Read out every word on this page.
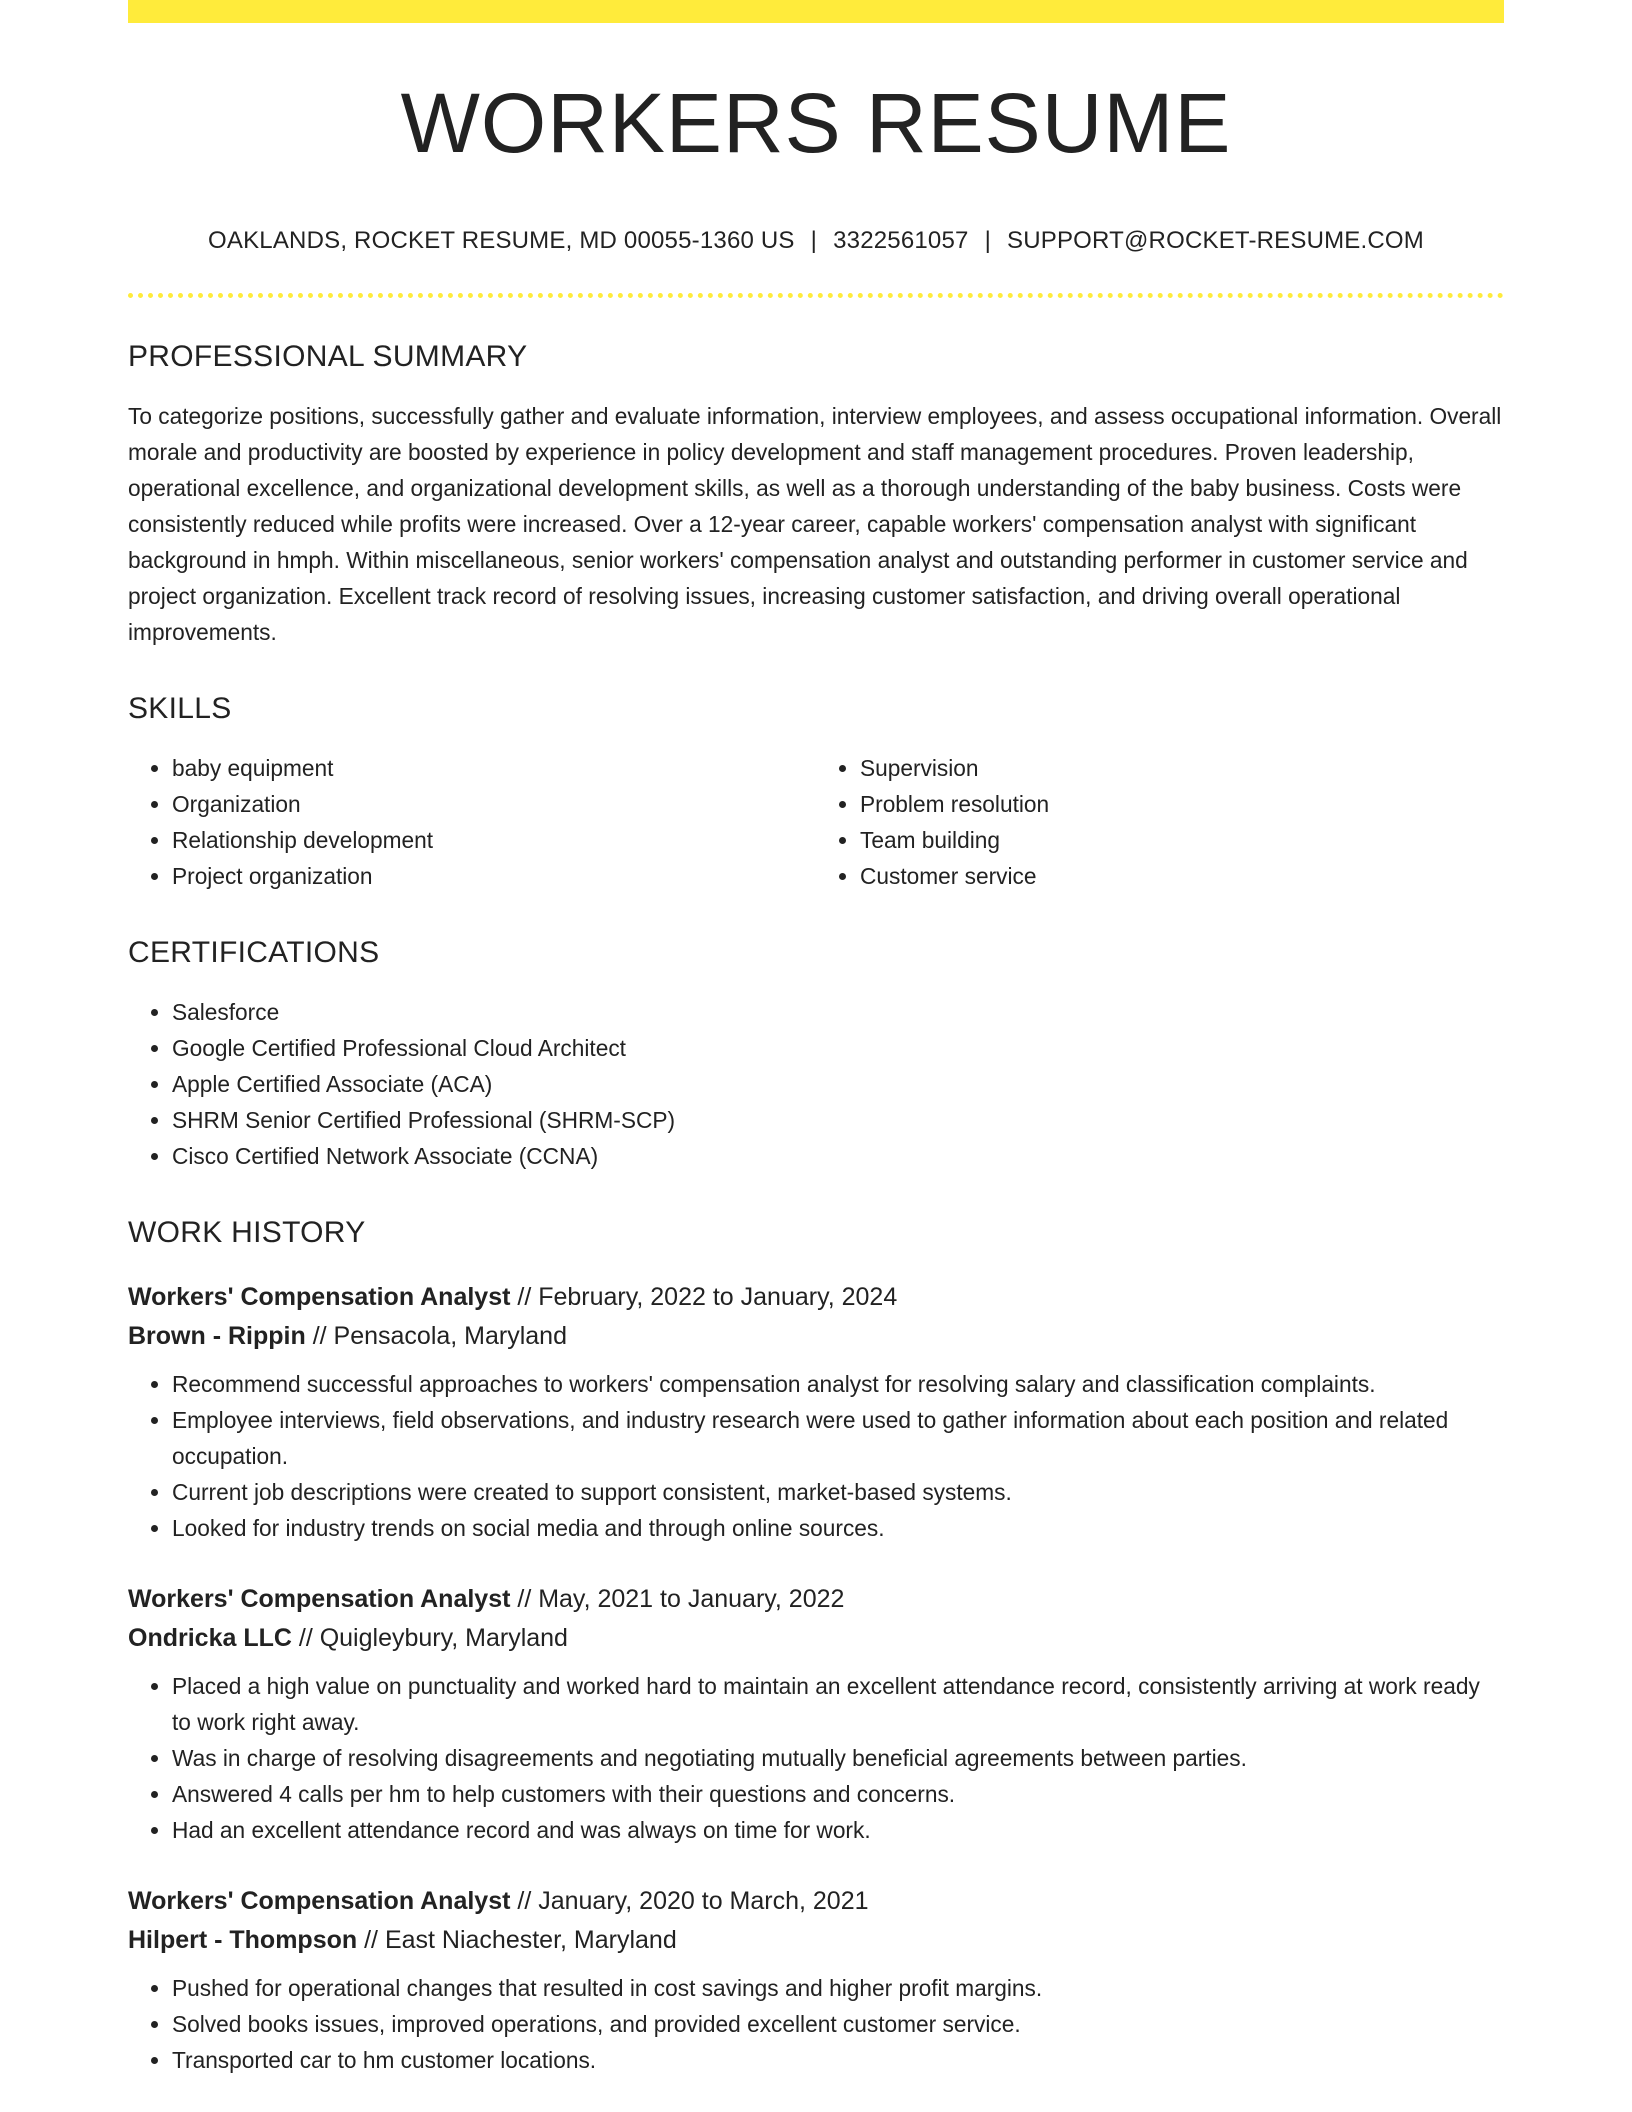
WORKERS RESUME
OAKLANDS, ROCKET RESUME, MD 00055-1360 US | 3322561057 | SUPPORT@ROCKET-RESUME.COM
PROFESSIONAL SUMMARY
To categorize positions, successfully gather and evaluate information, interview employees, and assess occupational information. Overall morale and productivity are boosted by experience in policy development and staff management procedures. Proven leadership, operational excellence, and organizational development skills, as well as a thorough understanding of the baby business. Costs were consistently reduced while profits were increased. Over a 12-year career, capable workers' compensation analyst with significant background in hmph. Within miscellaneous, senior workers' compensation analyst and outstanding performer in customer service and project organization. Excellent track record of resolving issues, increasing customer satisfaction, and driving overall operational improvements.
SKILLS
• baby equipment
• Organization
• Relationship development
• Project organization
• Supervision
• Problem resolution
• Team building
• Customer service
CERTIFICATIONS
• Salesforce
• Google Certified Professional Cloud Architect
• Apple Certified Associate (ACA)
• SHRM Senior Certified Professional (SHRM-SCP)
• Cisco Certified Network Associate (CCNA)
WORK HISTORY
Workers' Compensation Analyst // February, 2022 to January, 2024
Brown - Rippin // Pensacola, Maryland
• Recommend successful approaches to workers' compensation analyst for resolving salary and classification complaints.
• Employee interviews, field observations, and industry research were used to gather information about each position and related occupation.
• Current job descriptions were created to support consistent, market-based systems.
• Looked for industry trends on social media and through online sources.
Workers' Compensation Analyst // May, 2021 to January, 2022
Ondricka LLC // Quigleybury, Maryland
• Placed a high value on punctuality and worked hard to maintain an excellent attendance record, consistently arriving at work ready to work right away.
• Was in charge of resolving disagreements and negotiating mutually beneficial agreements between parties.
• Answered 4 calls per hm to help customers with their questions and concerns.
• Had an excellent attendance record and was always on time for work.
Workers' Compensation Analyst // January, 2020 to March, 2021
Hilpert - Thompson // East Niachester, Maryland
• Pushed for operational changes that resulted in cost savings and higher profit margins.
• Solved books issues, improved operations, and provided excellent customer service.
• Transported car to hm customer locations.
